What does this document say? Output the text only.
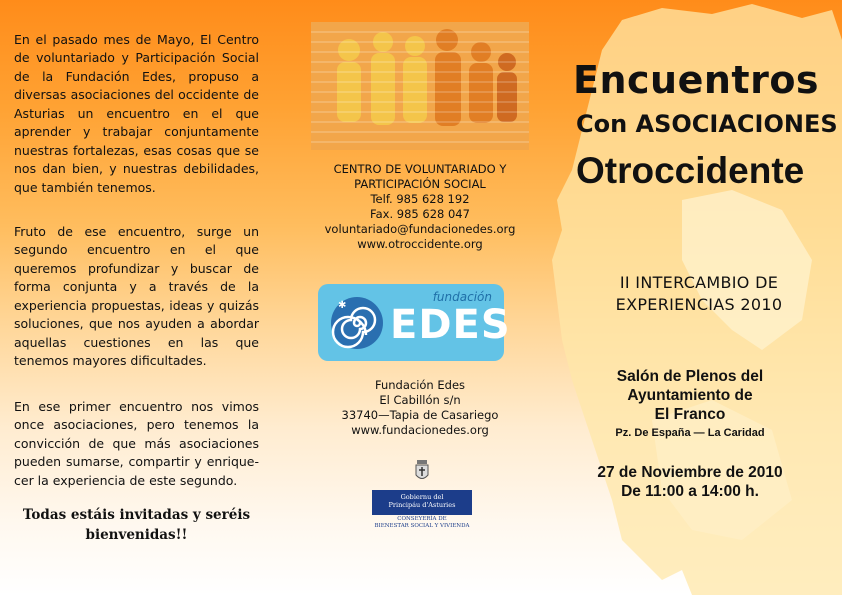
En el pasado mes de Mayo, El Centro de voluntariado y Participación Social de la Fundación Edes, propuso a diversas asociaciones del occidente de Asturias un encuentro en el que aprender y trabajar conjuntamente nuestras fortalezas, esas cosas que se nos dan bien, y nuestras debilidades, que también tenemos.

Fruto de ese encuentro, surge un segundo encuentro en el que queremos profundizar y buscar de forma conjunta y a través de la experiencia propuestas, ideas y quizás soluciones, que nos ayuden a abordar aquellas cuestiones en las que tenemos mayores dificultades.

En ese primer encuentro nos vimos once asociaciones, pero tenemos la convicción de que más asociaciones pueden sumarse, compartir y enrique-cer la experiencia de este segundo.

Todas estáis invitadas y seréis
bienvenidas!!
CENTRO DE VOLUNTARIADO Y
PARTICIPACIÓN SOCIAL
Telf. 985 628 192
Fax. 985 628 047
voluntariado@fundacionedes.org
www.otroccidente.org
✱
fundación
EDES
Fundación Edes
El Cabillón s/n
33740—Tapia de Casariego
www.fundacionedes.org
Gobiernu del
Principáu d'Asturies
CONSEYERÍA DE
BIENESTAR SOCIAL Y VIVIENDA
Encuentros
Con ASOCIACIONES
Otroccidente
II INTERCAMBIO DE
EXPERIENCIAS 2010
Salón de Plenos del
Ayuntamiento de
El Franco
Pz. De España — La Caridad
27 de Noviembre de 2010
De 11:00 a 14:00 h.
